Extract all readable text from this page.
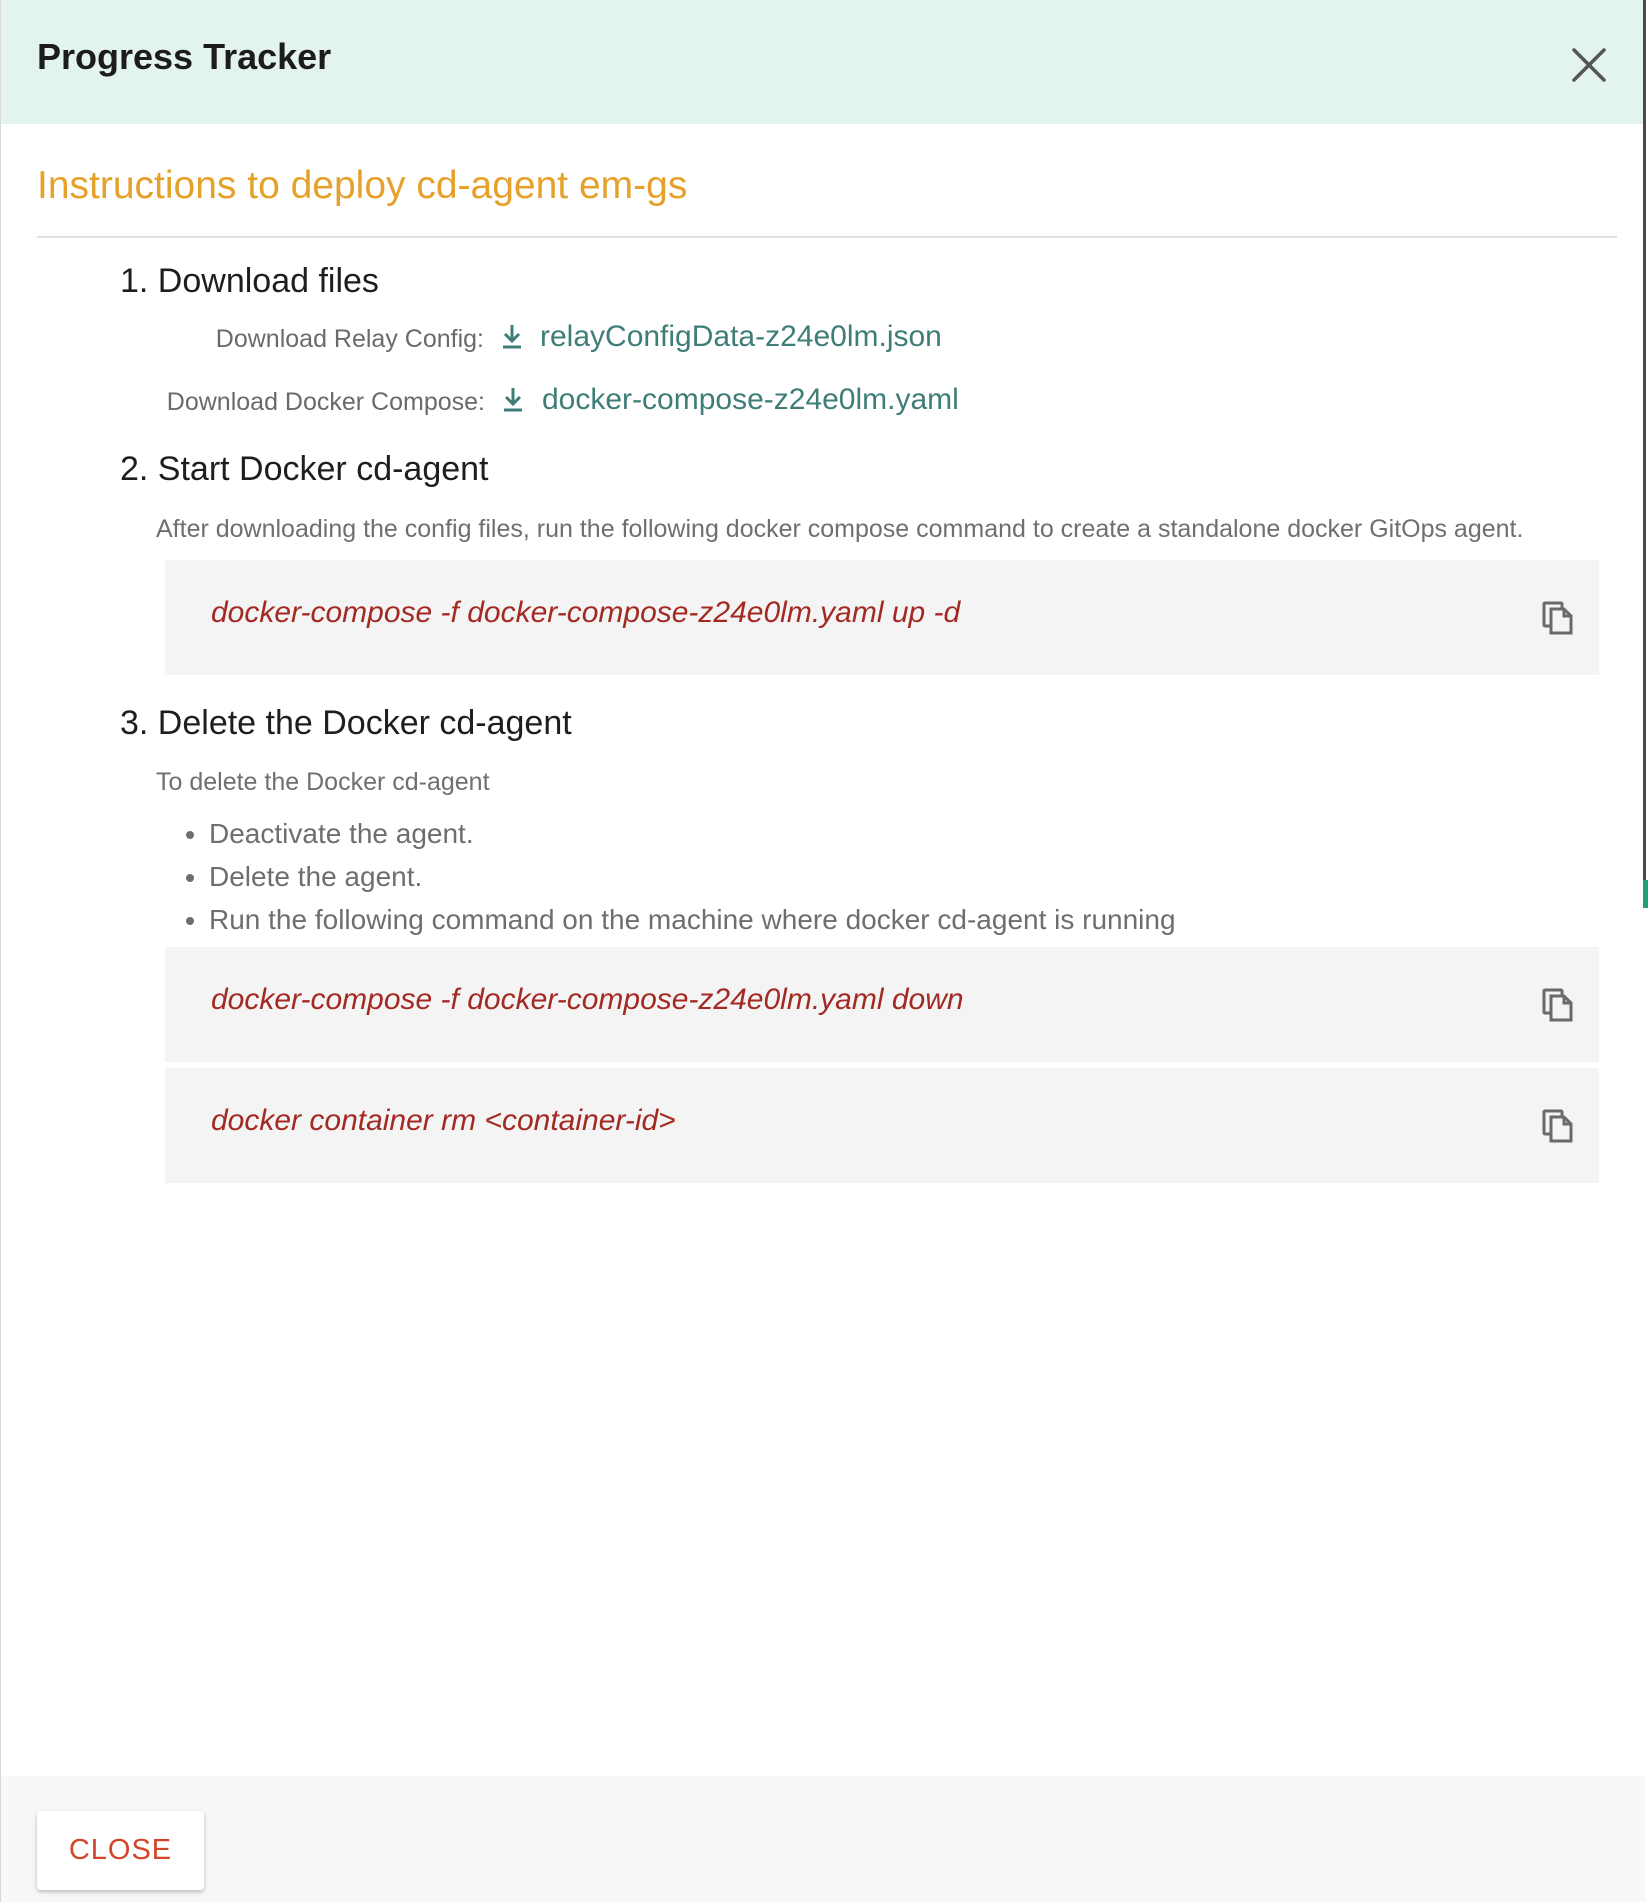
Progress Tracker
Instructions to deploy cd-agent em-gs
1. Download files
Download Relay Config: relayConfigData-z24e0lm.json
Download Docker Compose: docker-compose-z24e0lm.yaml
2. Start Docker cd-agent
After downloading the config files, run the following docker compose command to create a standalone docker GitOps agent.
docker-compose -f docker-compose-z24e0lm.yaml up -d
3. Delete the Docker cd-agent
To delete the Docker cd-agent
• Deactivate the agent.
• Delete the agent.
• Run the following command on the machine where docker cd-agent is running
docker-compose -f docker-compose-z24e0lm.yaml down
docker container rm <container-id>
CLOSE
